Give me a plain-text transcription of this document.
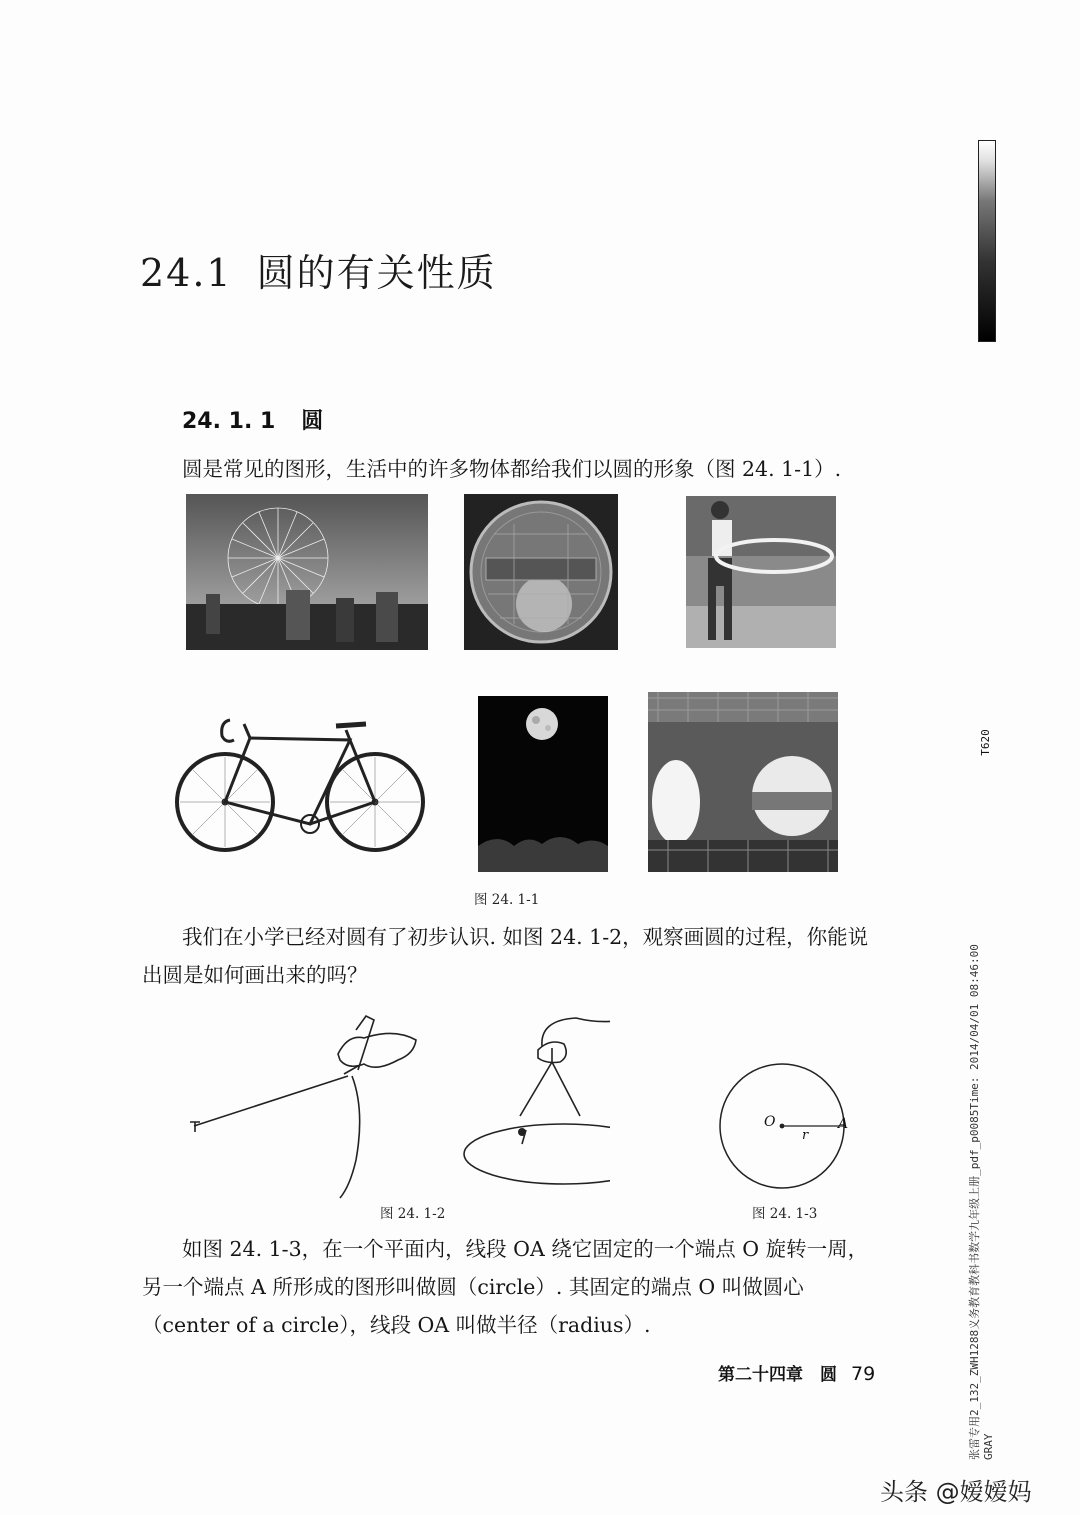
24.1 圆的有关性质
24. 1. 1 圆
圆是常见的图形，生活中的许多物体都给我们以圆的形象（图 24. 1-1）.
图 24. 1-1
我们在小学已经对圆有了初步认识. 如图 24. 1-2，观察画圆的过程，你能说出圆是如何画出来的吗？
图 24. 1-2
O	A
r
图 24. 1-3
如图 24. 1-3，在一个平面内，线段 OA 绕它固定的一个端点 O 旋转一周，另一个端点 A 所形成的图形叫做圆（circle）. 其固定的端点 O 叫做圆心（center of a circle），线段 OA 叫做半径（radius）.
第二十四章　圆 79	张雷专用2_132_ZWH1288义务教育教科书数学九年级上册_pdf_p0085Time: 2014/04/01 08:46:00 GRAY
T620
头条 @嫒嫒妈
